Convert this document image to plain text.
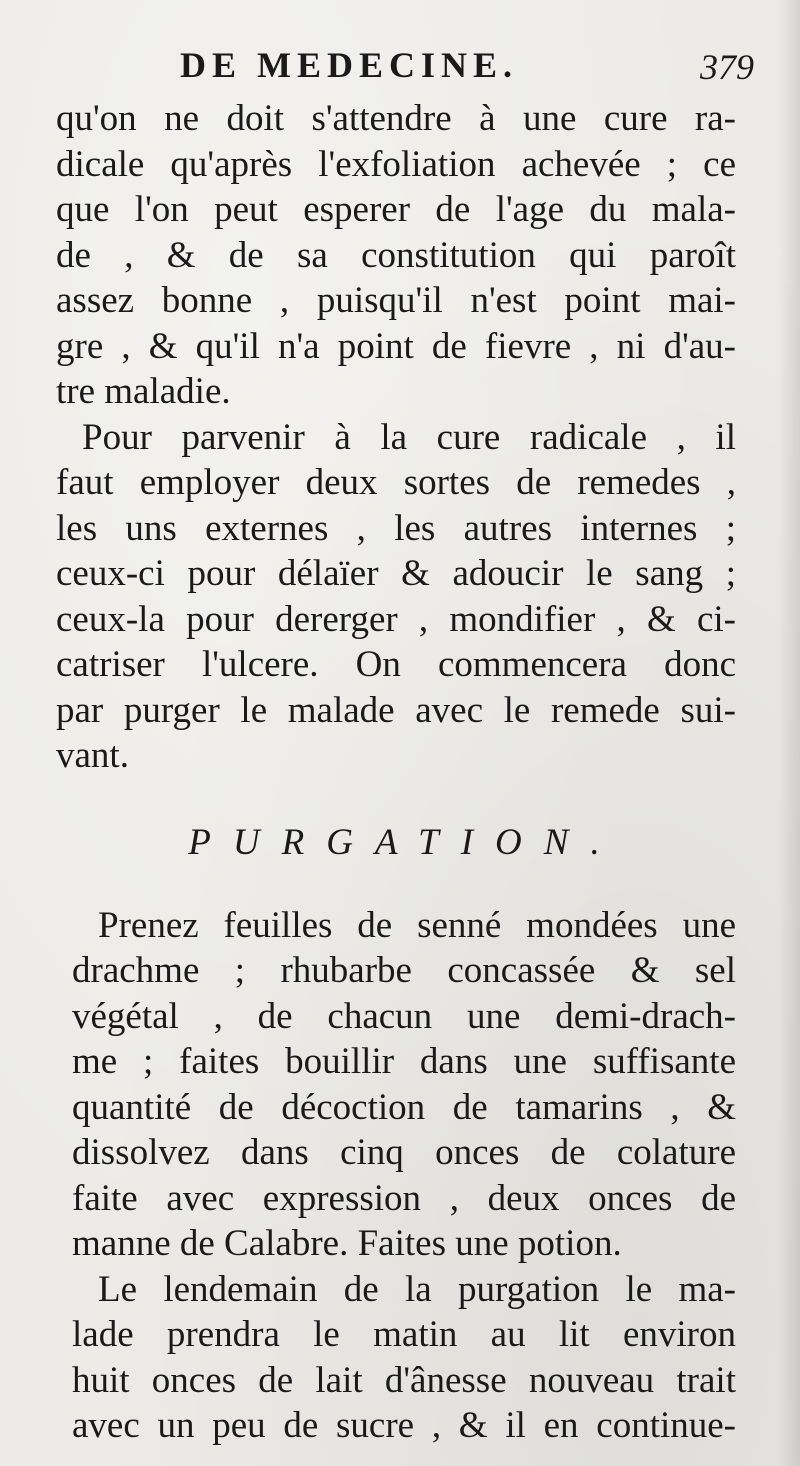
DE MEDECINE.	379
qu'on ne doit s'attendre à une cure ra-
dicale qu'après l'exfoliation achevée ; ce
que l'on peut esperer de l'age du mala-
de , & de sa constitution qui paroît
assez bonne , puisqu'il n'est point mai-
gre , & qu'il n'a point de fievre , ni d'au-
tre maladie.
Pour parvenir à la cure radicale , il
faut employer deux sortes de remedes ,
les uns externes , les autres internes ;
ceux-ci pour délaïer & adoucir le sang ;
ceux-la pour dererger , mondifier , & ci-
catriser l'ulcere. On commencera donc
par purger le malade avec le remede sui-
vant.
PURGATION.
Prenez feuilles de senné mondées une
drachme ; rhubarbe concassée & sel
végétal , de chacun une demi-drach-
me ; faites bouillir dans une suffisante
quantité de décoction de tamarins , &
dissolvez dans cinq onces de colature
faite avec expression , deux onces de
manne de Calabre. Faites une potion.
Le lendemain de la purgation le ma-
lade prendra le matin au lit environ
huit onces de lait d'ânesse nouveau trait
avec un peu de sucre , & il en continue-
